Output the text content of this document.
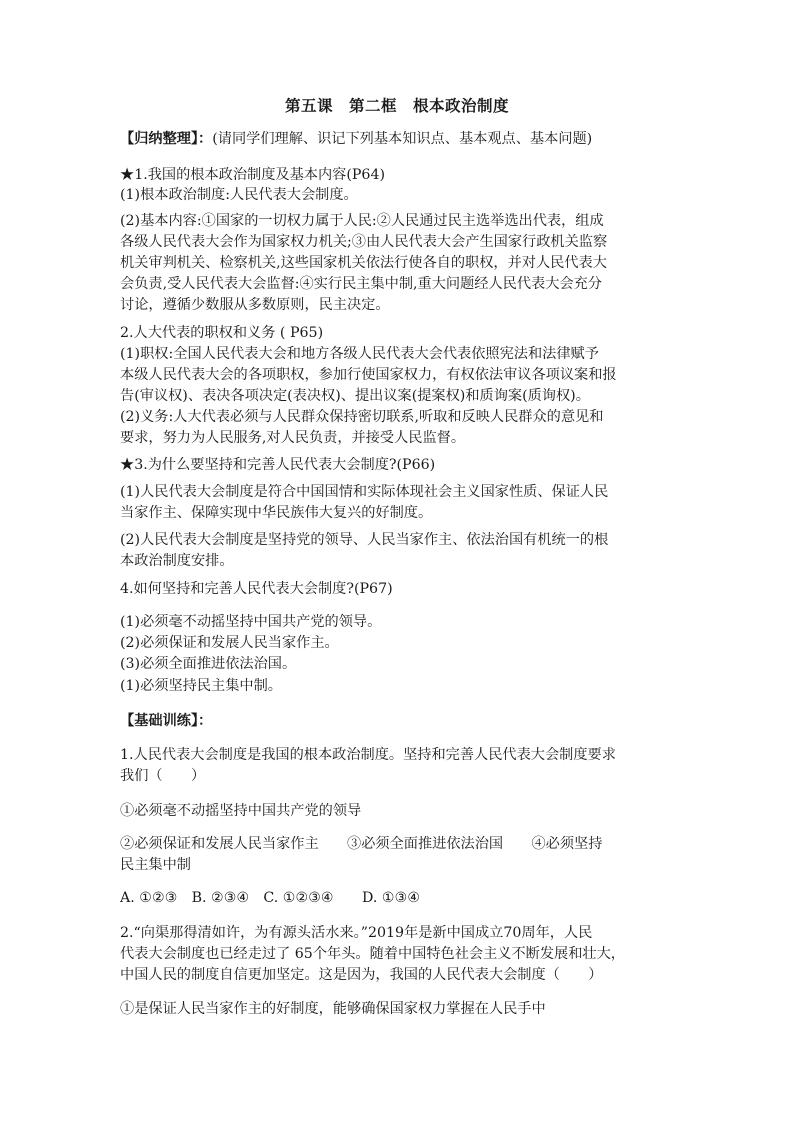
第五课　第二框　根本政治制度
【归纳整理】：(请同学们理解、识记下列基本知识点、基本观点、基本问题)
★1.我国的根本政治制度及基本内容(P64)
(1)根本政治制度:人民代表大会制度。
(2)基本内容:①国家的一切权力属于人民:②人民通过民主选举选出代表，组成
各级人民代表大会作为国家权力机关;③由人民代表大会产生国家行政机关监察
机关审判机关、检察机关,这些国家机关依法行使各自的职权，并对人民代表大
会负责,受人民代表大会监督:④实行民主集中制,重大问题经人民代表大会充分
讨论，遵循少数服从多数原则，民主决定。
2.人大代表的职权和义务 ( P65)
(1)职权:全国人民代表大会和地方各级人民代表大会代表依照宪法和法律赋予
本级人民代表大会的各项职权，参加行使国家权力，有权依法审议各项议案和报
告(审议权)、表决各项决定(表决权)、提出议案(提案权)和质询案(质询权)。
(2)义务:人大代表必须与人民群众保持密切联系,听取和反映人民群众的意见和
要求，努力为人民服务,对人民负责，并接受人民监督。
★3.为什么要坚持和完善人民代表大会制度?(P66)
(1)人民代表大会制度是符合中国国情和实际体现社会主义国家性质、保证人民
当家作主、保障实现中华民族伟大复兴的好制度。
(2)人民代表大会制度是坚持党的领导、人民当家作主、依法治国有机统一的根
本政治制度安排。
4.如何坚持和完善人民代表大会制度?(P67)
(1)必须毫不动摇坚持中国共产党的领导。
(2)必须保证和发展人民当家作主。
(3)必须全面推进依法治国。
(1)必须坚持民主集中制。
【基础训练】：
1.人民代表大会制度是我国的根本政治制度。坚持和完善人民代表大会制度要求
我们（　　）
①必须毫不动摇坚持中国共产党的领导
②必须保证和发展人民当家作主　　③必须全面推进依法治国　　④必须坚持
民主集中制
A. ①②③　B. ②③④　C. ①②③④　　D. ①③④
2.“向渠那得清如许，为有源头活水来。”2019年是新中国成立70周年，人民
代表大会制度也已经走过了 65个年头。随着中国特色社会主义不断发展和壮大，
中国人民的制度自信更加坚定。这是因为，我国的人民代表大会制度（　　）
①是保证人民当家作主的好制度，能够确保国家权力掌握在人民手中
